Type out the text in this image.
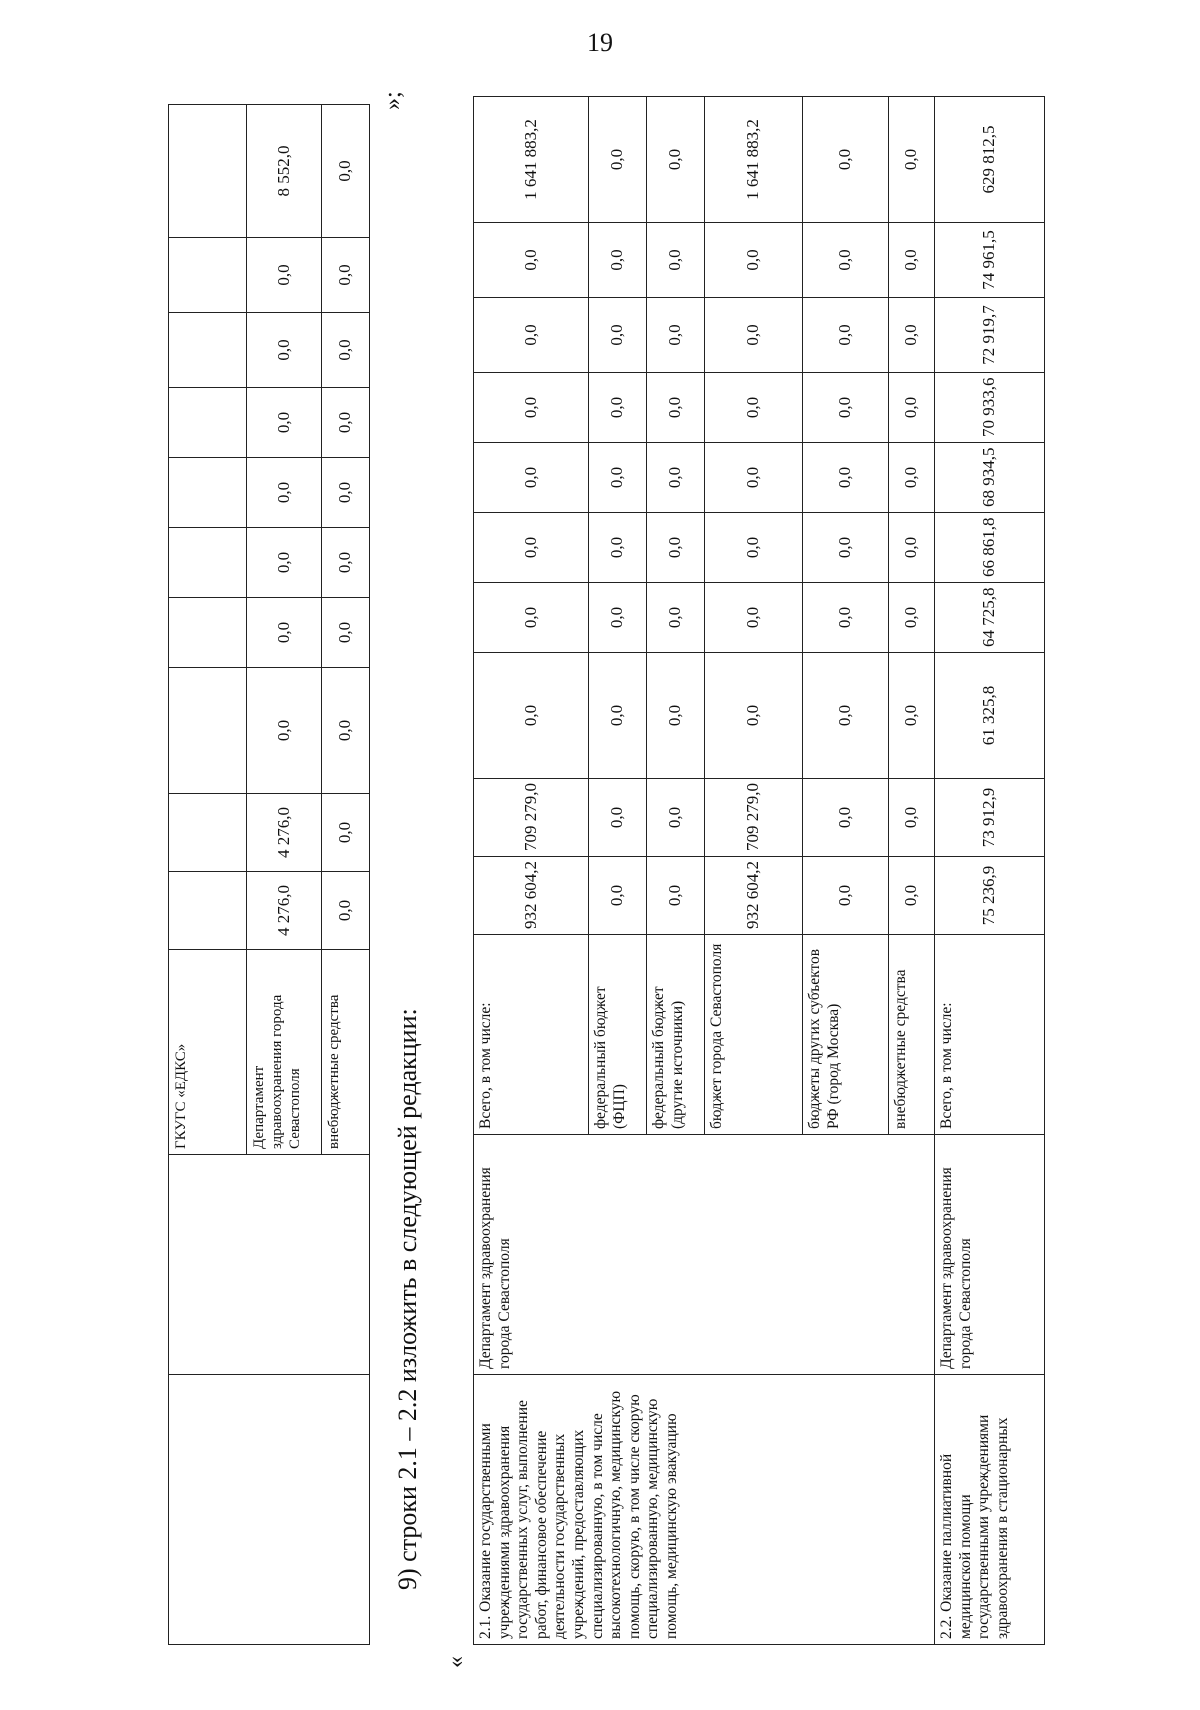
19
		ГКУГС «ЕДКС»										
		Департамент здравоохранения города Севастополя	4 276,0	4 276,0	0,0	0,0	0,0	0,0	0,0	0,0	0,0	8 552,0
		внебюджетные средства	0,0	0,0	0,0	0,0	0,0	0,0	0,0	0,0	0,0	0,0
»;
9) строки 2.1 – 2.2 изложить в следующей редакции:
«
2.1. Оказание государственными учреждениями здравоохранения государственных услуг, выполнение работ, финансовое обеспечение деятельности государственных учреждений, предоставляющих специализированную, в том числе высокотехнологичную, медицинскую помощь, скорую, в том числе скорую специализированную, медицинскую помощь, медицинскую эвакуацию	Департамент здравоохранения города Севастополя	Всего, в том числе:	932 604,2	709 279,0	0,0	0,0	0,0	0,0	0,0	0,0	0,0	1 641 883,2
		федеральный бюджет (ФЦП)	0,0	0,0	0,0	0,0	0,0	0,0	0,0	0,0	0,0	0,0
		федеральный бюджет (другие источники)	0,0	0,0	0,0	0,0	0,0	0,0	0,0	0,0	0,0	0,0
		бюджет города Севастополя	932 604,2	709 279,0	0,0	0,0	0,0	0,0	0,0	0,0	0,0	1 641 883,2
		бюджеты других субъектов РФ (город Москва)	0,0	0,0	0,0	0,0	0,0	0,0	0,0	0,0	0,0	0,0
		внебюджетные средства	0,0	0,0	0,0	0,0	0,0	0,0	0,0	0,0	0,0	0,0
2.2. Оказание паллиативной медицинской помощи государственными учреждениями здравоохранения в стационарных	Департамент здравоохранения города Севастополя	Всего, в том числе:	75 236,9	73 912,9	61 325,8	64 725,8	66 861,8	68 934,5	70 933,6	72 919,7	74 961,5	629 812,5
